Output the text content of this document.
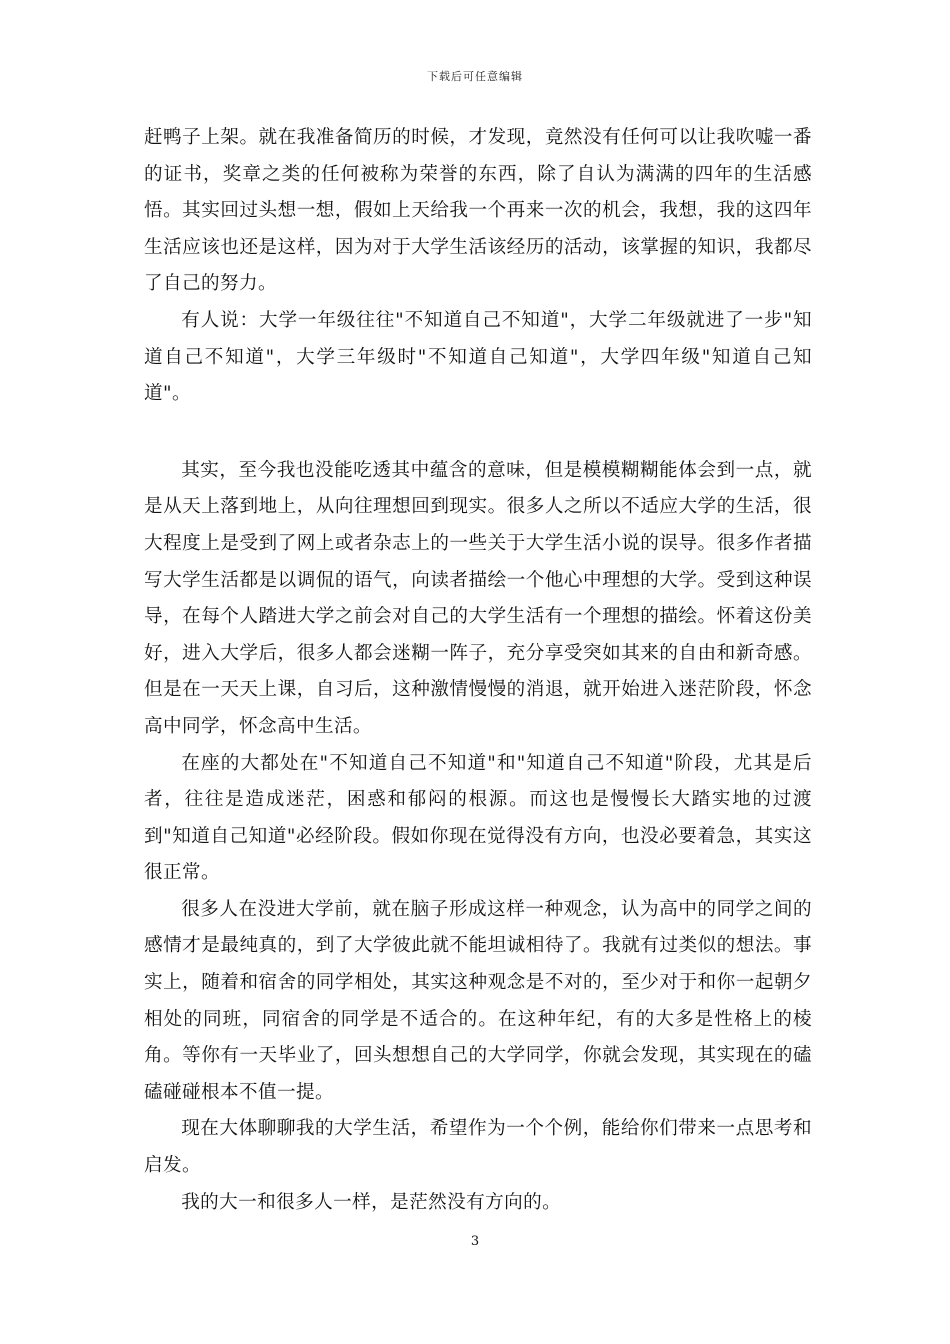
下载后可任意编辑

赶鸭子上架。就在我准备简历的时候，才发现，竟然没有任何可以让我吹嘘一番的证书，奖章之类的任何被称为荣誉的东西，除了自认为满满的四年的生活感悟。其实回过头想一想，假如上天给我一个再来一次的机会，我想，我的这四年生活应该也还是这样，因为对于大学生活该经历的活动，该掌握的知识，我都尽了自己的努力。

有人说：大学一年级往往"不知道自己不知道"，大学二年级就进了一步"知道自己不知道"，大学三年级时"不知道自己知道"，大学四年级"知道自己知道"。

其实，至今我也没能吃透其中蕴含的意味，但是模模糊糊能体会到一点，就是从天上落到地上，从向往理想回到现实。很多人之所以不适应大学的生活，很大程度上是受到了网上或者杂志上的一些关于大学生活小说的误导。很多作者描写大学生活都是以调侃的语气，向读者描绘一个他心中理想的大学。受到这种误导，在每个人踏进大学之前会对自己的大学生活有一个理想的描绘。怀着这份美好，进入大学后，很多人都会迷糊一阵子，充分享受突如其来的自由和新奇感。但是在一天天上课，自习后，这种激情慢慢的消退，就开始进入迷茫阶段，怀念高中同学，怀念高中生活。

在座的大都处在"不知道自己不知道"和"知道自己不知道"阶段，尤其是后者，往往是造成迷茫，困惑和郁闷的根源。而这也是慢慢长大踏实地的过渡到"知道自己知道"必经阶段。假如你现在觉得没有方向，也没必要着急，其实这很正常。

很多人在没进大学前，就在脑子形成这样一种观念，认为高中的同学之间的感情才是最纯真的，到了大学彼此就不能坦诚相待了。我就有过类似的想法。事实上，随着和宿舍的同学相处，其实这种观念是不对的，至少对于和你一起朝夕相处的同班，同宿舍的同学是不适合的。在这种年纪，有的大多是性格上的棱角。等你有一天毕业了，回头想想自己的大学同学，你就会发现，其实现在的磕磕碰碰根本不值一提。

现在大体聊聊我的大学生活，希望作为一个个例，能给你们带来一点思考和启发。

我的大一和很多人一样，是茫然没有方向的。

3
